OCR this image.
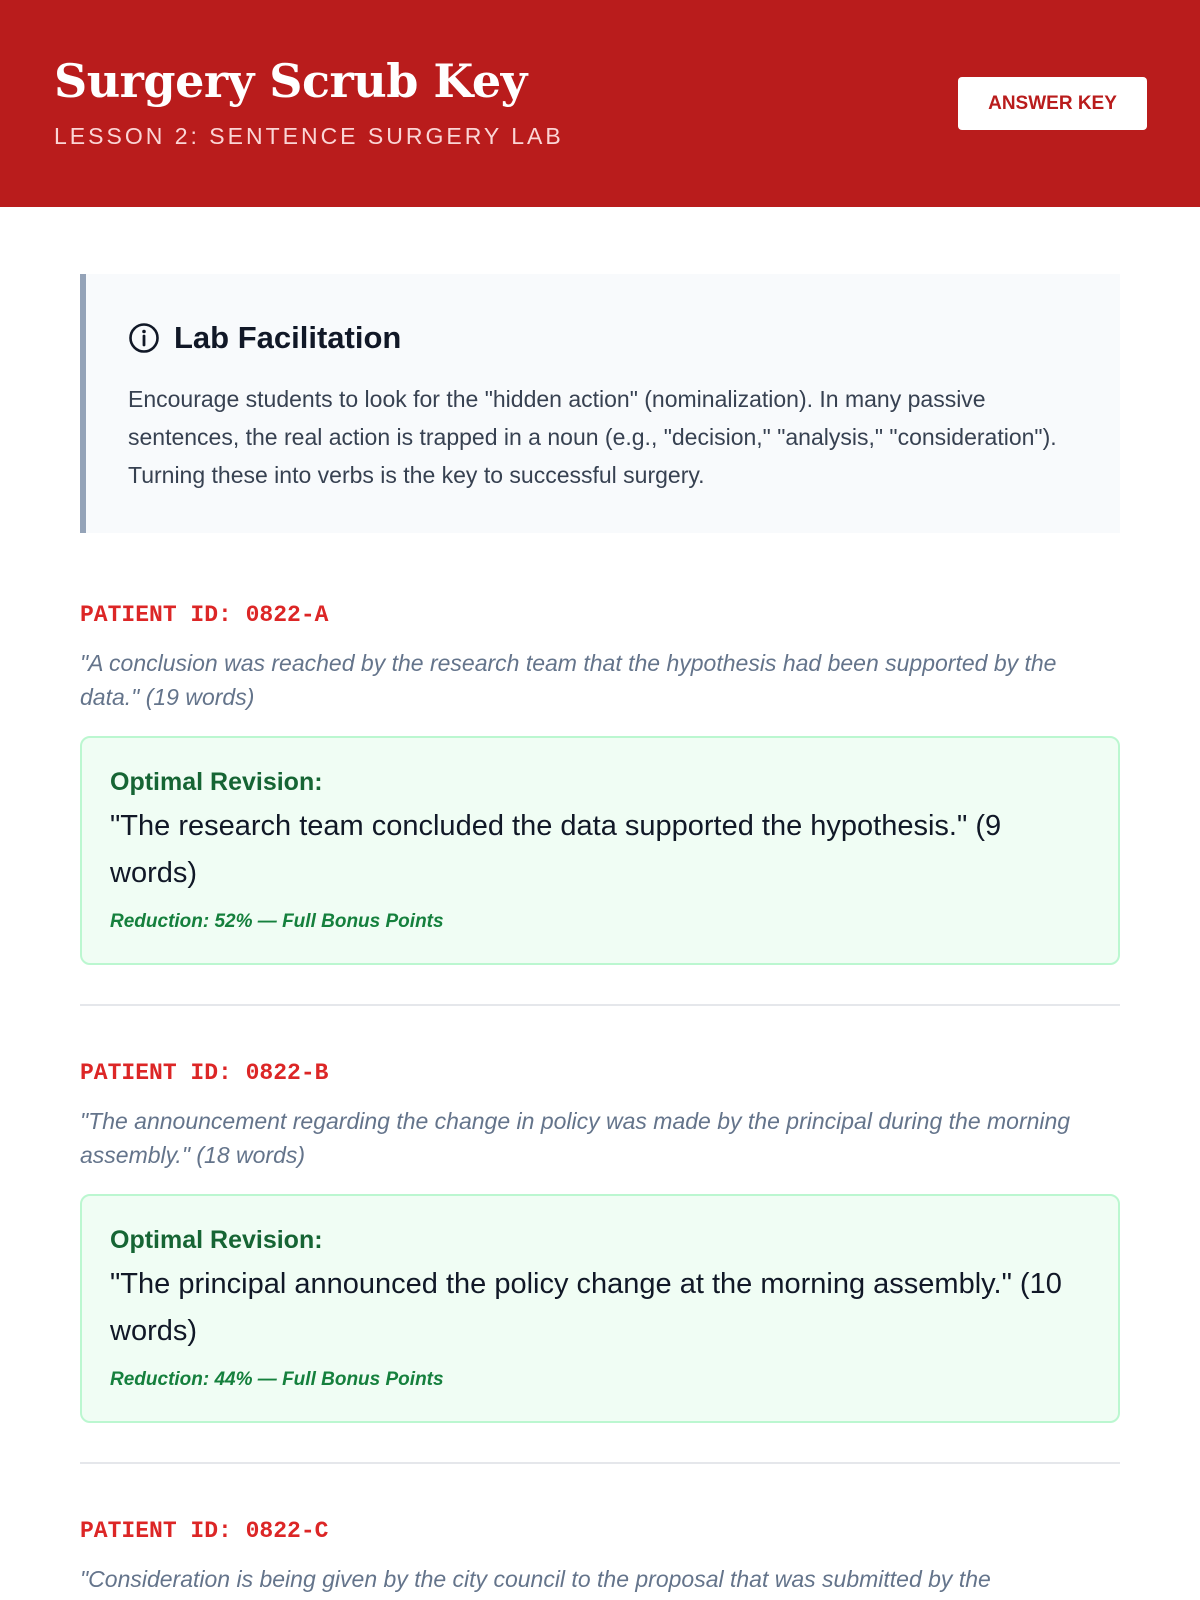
Surgery Scrub Key
LESSON 2: SENTENCE SURGERY LAB
ANSWER KEY
Lab Facilitation
Encourage students to look for the "hidden action" (nominalization). In many passive sentences, the real action is trapped in a noun (e.g., "decision," "analysis," "consideration"). Turning these into verbs is the key to successful surgery.
PATIENT ID: 0822-A
"A conclusion was reached by the research team that the hypothesis had been supported by the data." (19 words)
Optimal Revision:
"The research team concluded the data supported the hypothesis." (9 words)
Reduction: 52% — Full Bonus Points
PATIENT ID: 0822-B
"The announcement regarding the change in policy was made by the principal during the morning assembly." (18 words)
Optimal Revision:
"The principal announced the policy change at the morning assembly." (10 words)
Reduction: 44% — Full Bonus Points
PATIENT ID: 0822-C
"Consideration is being given by the city council to the proposal that was submitted by the
